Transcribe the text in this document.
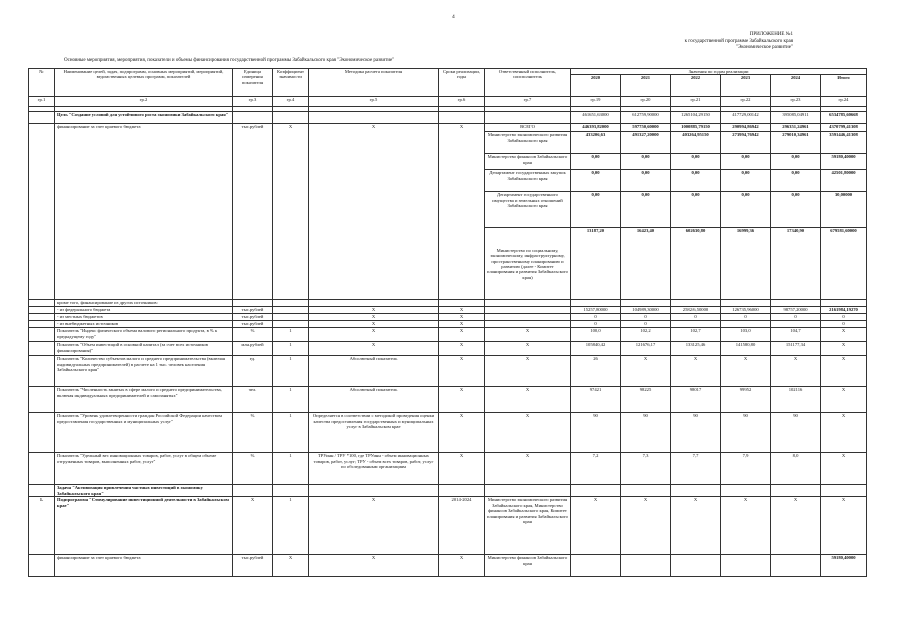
4
ПРИЛОЖЕНИЕ №1
к государственной программе Забайкальского края
"Экономическое развитие"
Основные мероприятия, мероприятия, показатели и объемы финансирования государственной программы Забайкальского края "Экономическое развитие"
№	Наименование целей, задач, подпрограмм, основных мероприятий, мероприятий, ведомственных целевых программ, показателей	Единица измерения показателя	Коэффициент значимости	Методика расчета показателя	Сроки реализации, годы	Ответственный исполнитель, соисполнитель	Значения по годам реализации					
							2020	2021	2022	2023	2024	Итого
гр.1	гр.2	гр.3	гр.4	гр.5	гр.6	гр.7	гр.19	гр.20	гр.21	гр.22	гр.23	гр.24

	Цель "Создание условий для устойчивого роста экономики Забайкальского края"						461651,63000	612759,90000	1265104,29150	417729,00142	395085,04911	6534785,60668
	финансирование за счет краевого бюджета	тыс.рублей	X	X	X	ВСЕГО	446393,82000	597750,60000	1000885,79150	290994,86942	296351,24961	4370799,41308
						Министерство экономического развития Забайкальского края	433206,63	491327,20000	403264,95150	273994,76942	279010,34961	3591446,41308
						Министерство финансов Забайкальского края	0,00	0,00	0,00	0,00	0,00	59180,40000
						Департамент государственных закупок Забайкальского края	0,00	0,00	0,00	0,00	0,00	42501,80000
						Департамент государственного имущества и земельных отношений Забайкальского края	0,00	0,00	0,00	0,00	0,00	30,00000
						Министерство по социальному, экономическому, инфраструктурному, пространственному планированию и развитию (далее - Комитет планирования и развития Забайкальского края)	13187,20	16423,40	602630,80	16999,36	17340,90	679581,60000
	кроме того, финансирование из других источников:											
	- из федерального бюджета	тыс.рублей		X	X		15257,80000	104989,30000	2582/6,50000	126735,96000	98757,20000	2161984,19270
	- из местных бюджетов	тыс.рублей		X	X		0	0	0	0	0	0
	- из внебюджетных источников	тыс.рублей		X	X		0	0				0
	Показатель "Индекс физического объема валового регионального продукта, в % к предыдущему году"	%	1	X	X	X	100,0	102,2	102,7	103,0	104,7	X
	Показатель "Объем инвестиций в основной капитал (за счет всех источников финансирования)"	млн.рублей	1	X	X	X	105840,42	121676,17	133125,46	141580,80	151177,34	X
	Показатель "Количество субъектов малого и среднего предпринимательства (включая индивидуальных предпринимателей) в расчете на 1 тыс. человек населения Забайкальского края"	ед.	1	Абсолютный показатель	X	X	26	X	X	X	X	X
	Показатель "Численность занятых в сфере малого и среднего предпринимательства, включая индивидуальных предпринимателей и самозанятых"	чел.	1	Абсолютный показатель	X	X	97421	98225	98017	99952	102116	X
	Показатель "Уровень удовлетворенности граждан Российской Федерации качеством предоставления государственных и муниципальных услуг"	%	1	Определяется в соответствии с методикой проведения оценки качества предоставления государственных и муниципальных услуг в Забайкальском крае	X	X	90	90	90	90	90	X
	Показатель "Удельный вес инновационных товаров, работ, услуг в общем объеме отгруженных товаров, выполненных работ, услуг"	%	1	ТРУинн / ТРУ *100, где ТРУинн - объем инновационных товаров, работ, услуг; ТРУ - объем всех товаров, работ, услуг по обследованным организациям	X	X	7,2	7,3	7,7	7,9	8,0	X
	Задача "Активизация привлечения частных инвестиций в экономику Забайкальского края"											
1.	Подпрограмма "Стимулирование инвестиционной деятельности в Забайкальском крае"	X	1	X	2014-2024	Министерство экономического развития Забайкальского края, Министерство финансов Забайкальского края, Комитет планирования и развития Забайкальского края	X	X	X	X	X	X
	финансирование за счет краевого бюджета	тыс.рублей	X	X	X	Министерство финансов Забайкальского края						59180,40000
